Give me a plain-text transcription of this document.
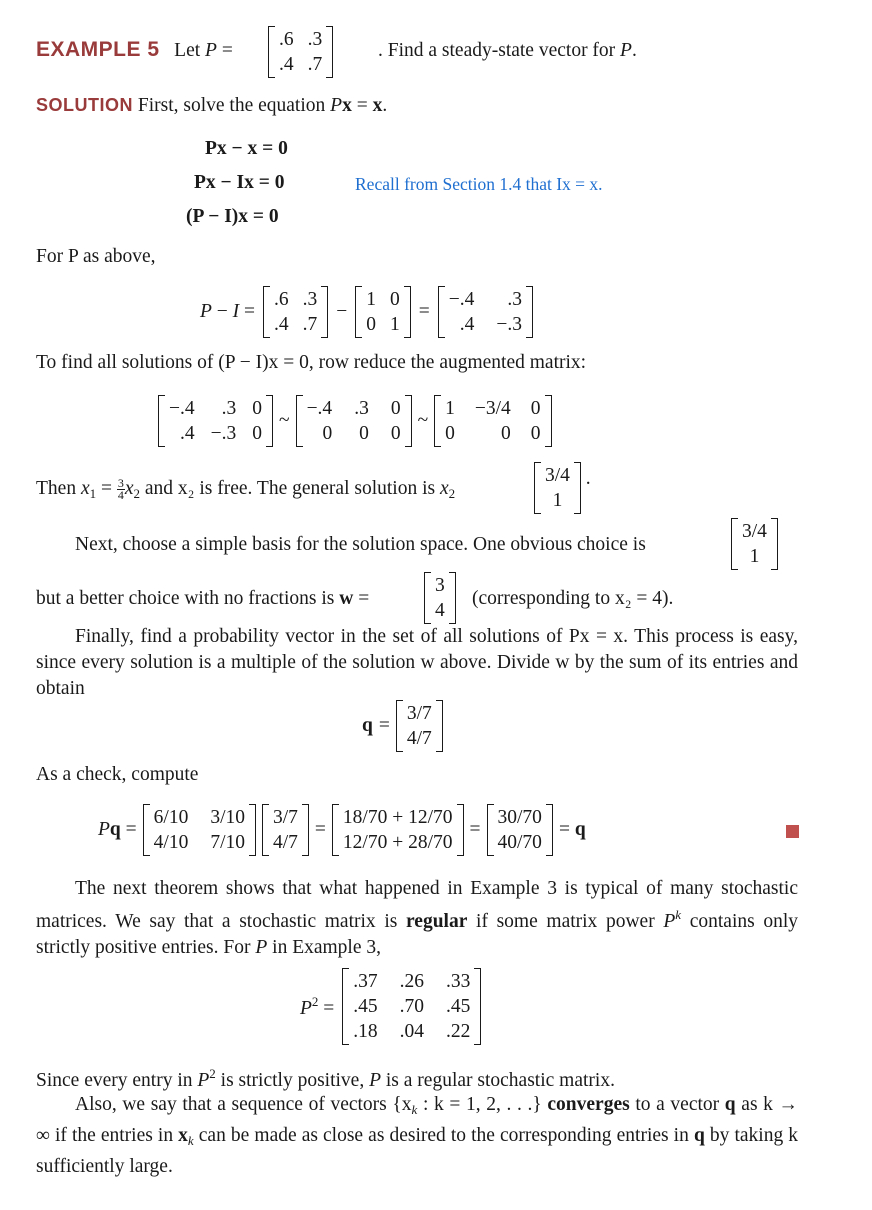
EXAMPLE 5 Let P =
.6
.4
.3
.7
. Find a steady-state vector for P.
SOLUTION First, solve the equation Px = x.
Px − x = 0
Px − Ix = 0
(P − I)x = 0
Recall from Section 1.4 that Ix = x.
For P as above,
P − I =
.6
.4
.3
.7
−
1
0
0
1
=
−.4
.4
.3
−.3
To find all solutions of (P − I)x = 0, row reduce the augmented matrix:
−.4
.4
.3
−.3
0
0
~
−.4
0
.3
0
0
0
~
1
0
−3/4
0
0
0
Then $x_1 = \frac{3}{4} x_2$ and x₂ is free. The general solution is $x_2$
3/4
1
.
Next, choose a simple basis for the solution space. One obvious choice is
3/4
1
but a better choice with no fractions is w =
3
4
(corresponding to x₂ = 4).
Finally, find a probability vector in the set of all solutions of Px = x. This process is easy, since every solution is a multiple of the solution w above. Divide w by the sum of its entries and obtain
q =
3/7
4/7
As a check, compute
Pq =
6/10
4/10
3/10
7/10
3/7
4/7
=
18/70 + 12/70
12/70 + 28/70
=
30/70
40/70
= q
The next theorem shows that what happened in Example 3 is typical of many stochastic matrices. We say that a stochastic matrix is regular if some matrix power $P^k$ contains only strictly positive entries. For P in Example 3,
$P^2$ =
.37
.45
.18
.26
.70
.04
.33
.45
.22
Since every entry in $P^2$ is strictly positive, P is a regular stochastic matrix.
Also, we say that a sequence of vectors {$x_k$ : k = 1, 2, . . .} converges to a vector q as k → ∞ if the entries in $x_k$ can be made as close as desired to the corresponding entries in q by taking k sufficiently large.
